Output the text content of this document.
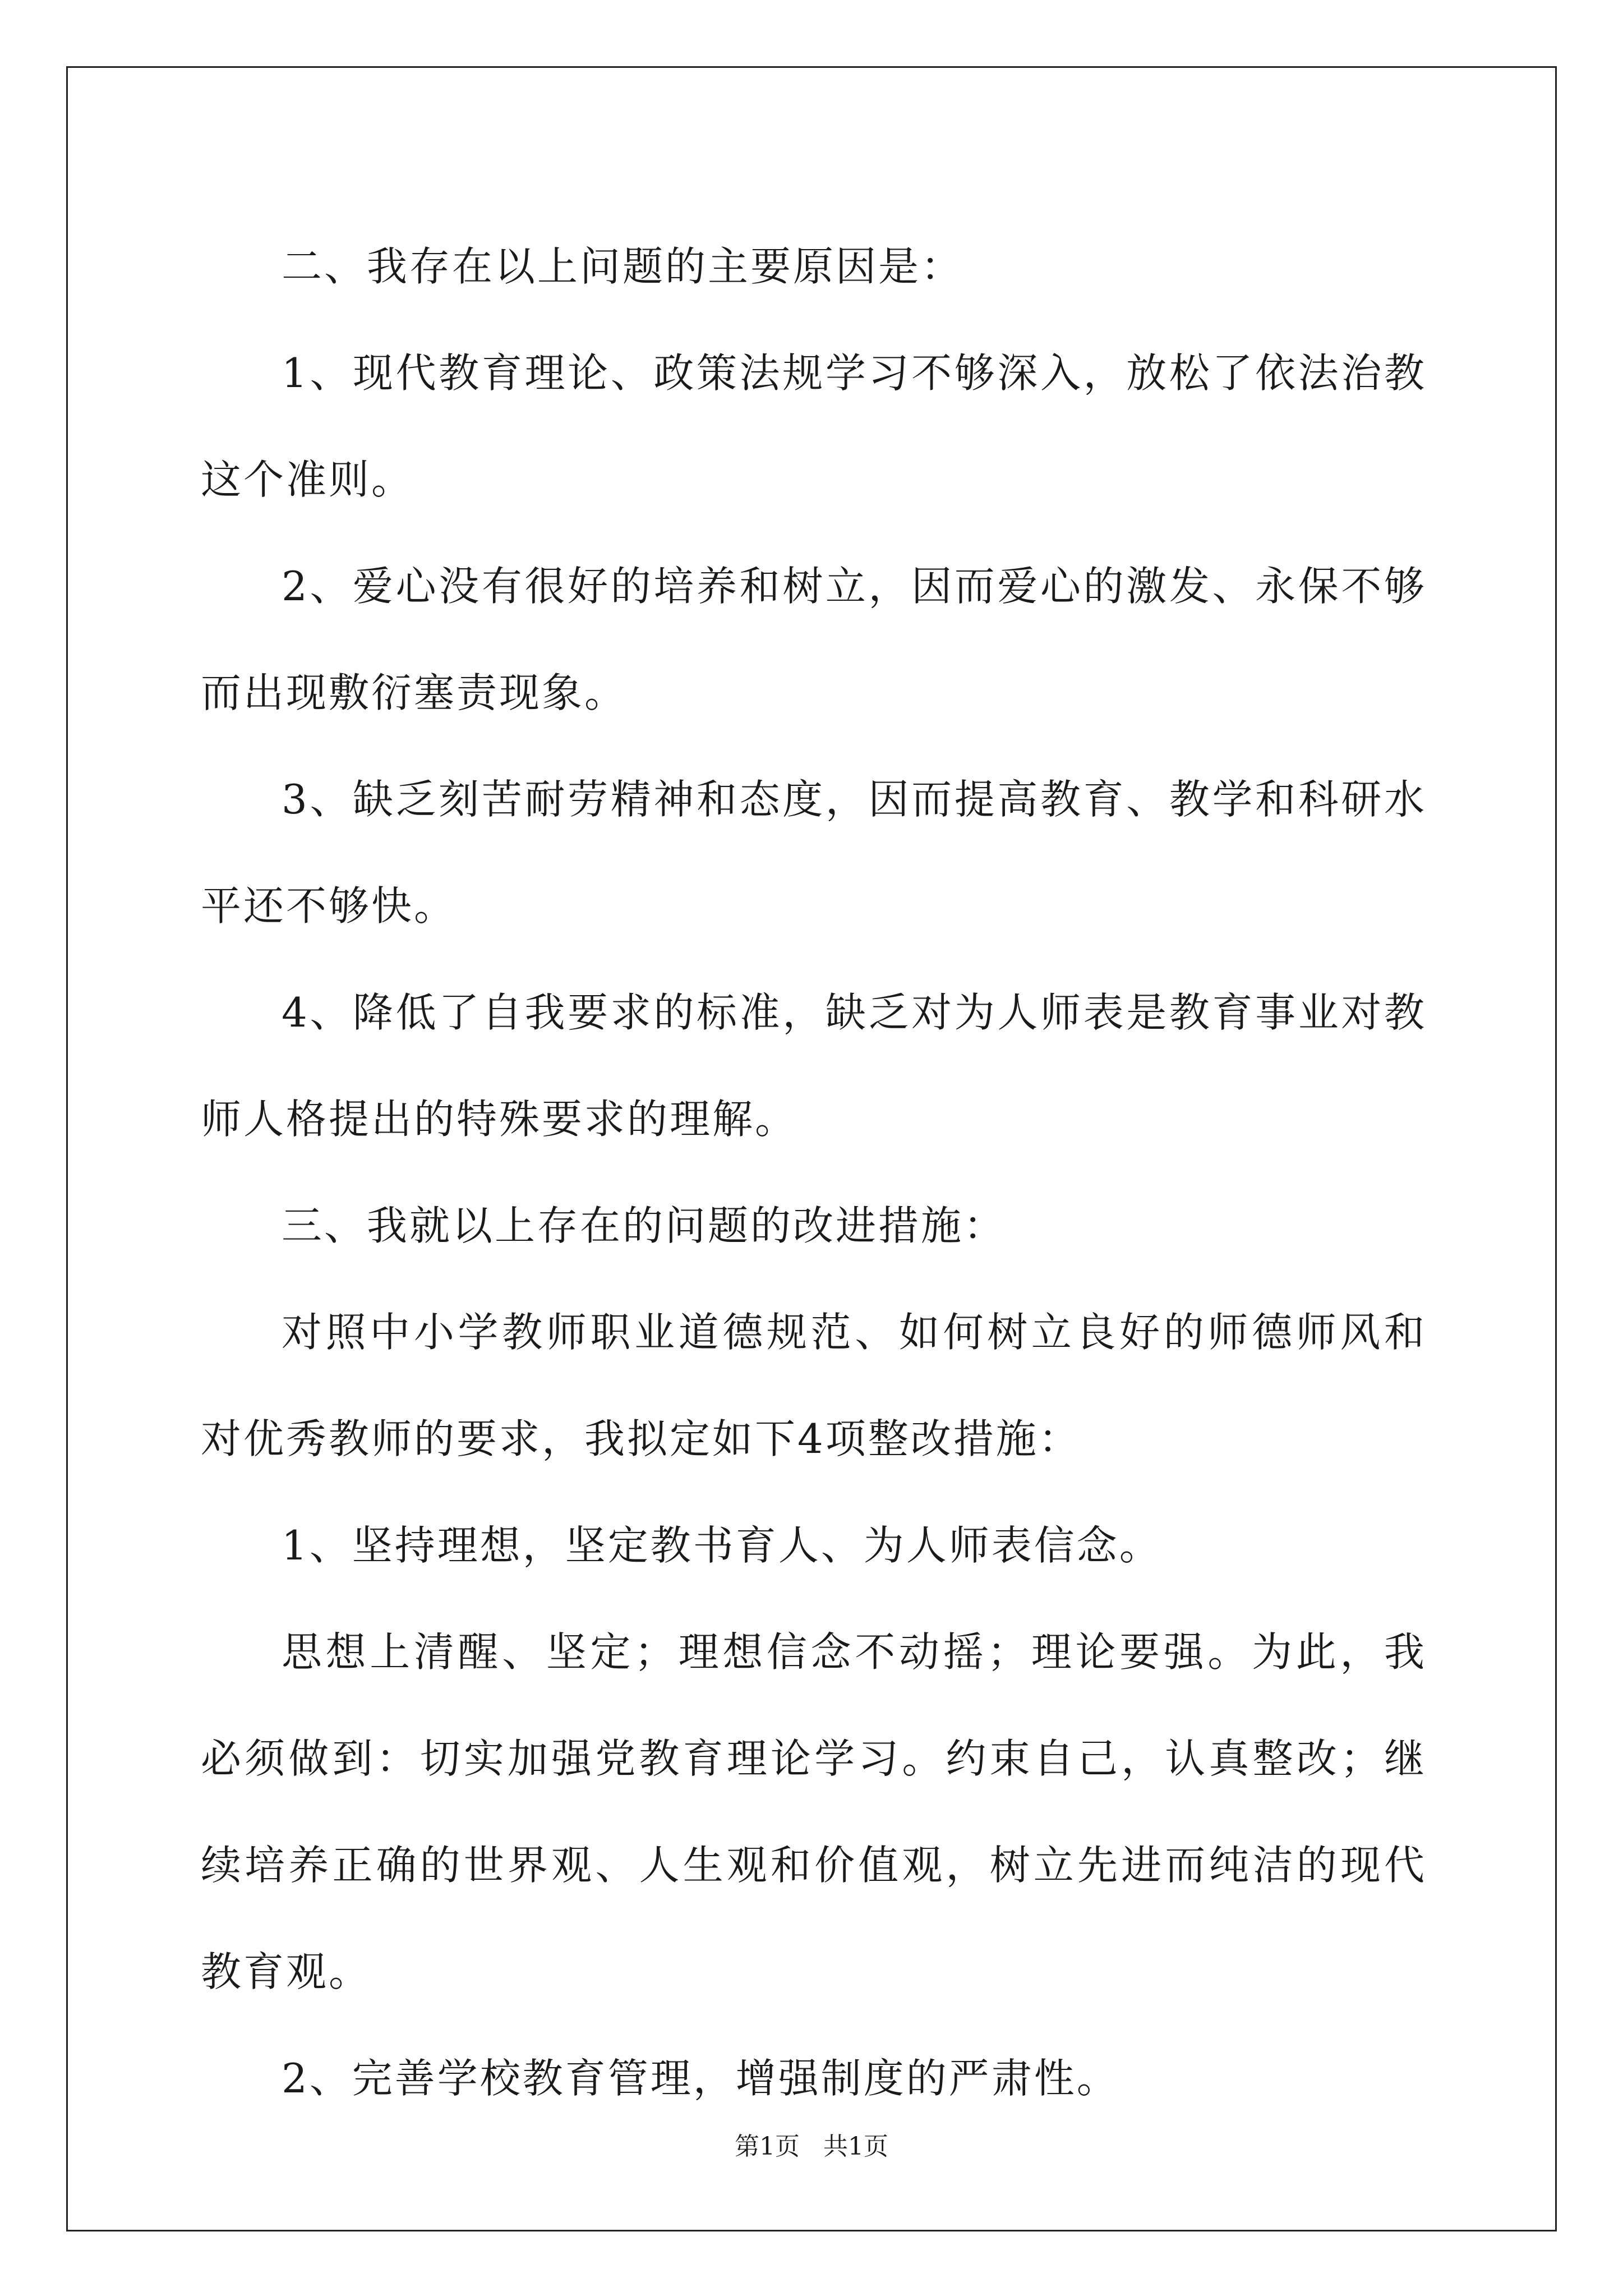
二、我存在以上问题的主要原因是：

1、现代教育理论、政策法规学习不够深入，放松了依法治教这个准则。

2、爱心没有很好的培养和树立，因而爱心的激发、永保不够而出现敷衍塞责现象。

3、缺乏刻苦耐劳精神和态度，因而提高教育、教学和科研水平还不够快。

4、降低了自我要求的标准，缺乏对为人师表是教育事业对教师人格提出的特殊要求的理解。

三、我就以上存在的问题的改进措施：

对照中小学教师职业道德规范、如何树立良好的师德师风和对优秀教师的要求，我拟定如下4项整改措施：

1、坚持理想，坚定教书育人、为人师表信念。

思想上清醒、坚定；理想信念不动摇；理论要强。为此，我必须做到：切实加强党教育理论学习。约束自己，认真整改；继续培养正确的世界观、人生观和价值观，树立先进而纯洁的现代教育观。

2、完善学校教育管理，增强制度的严肃性。

第1页   共1页
